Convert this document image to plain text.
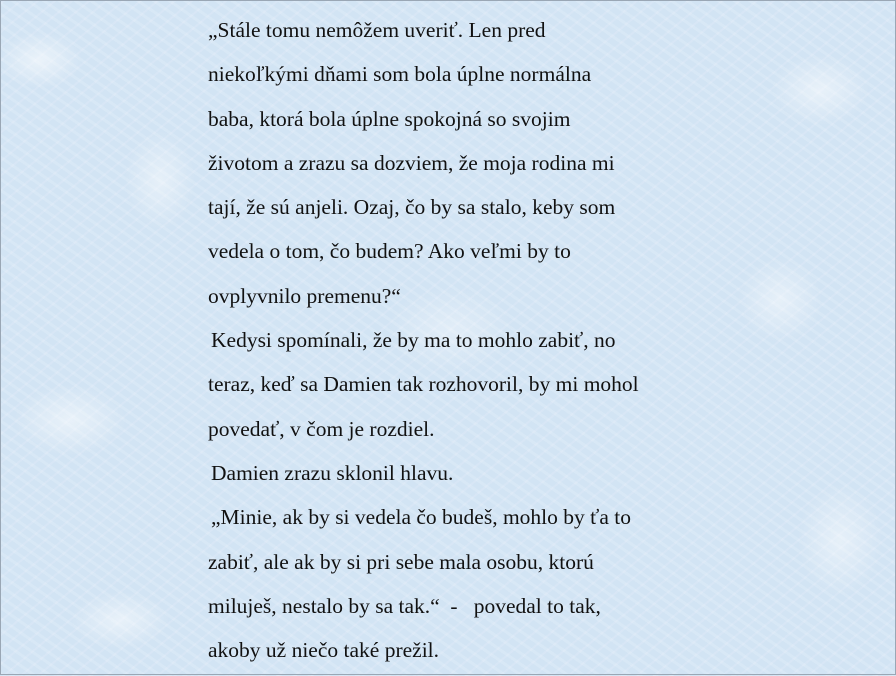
„Stále tomu nemôžem uveriť. Len pred
niekoľkými dňami som bola úplne normálna
baba, ktorá bola úplne spokojná so svojim
životom a zrazu sa dozviem, že moja rodina mi
tají, že sú anjeli. Ozaj, čo by sa stalo, keby som
vedela o tom, čo budem? Ako veľmi by to
ovplyvnilo premenu?“
Kedysi spomínali, že by ma to mohlo zabiť, no
teraz, keď sa Damien tak rozhovoril, by mi mohol
povedať, v čom je rozdiel.
Damien zrazu sklonil hlavu.
„Minie, ak by si vedela čo budeš, mohlo by ťa to
zabiť, ale ak by si pri sebe mala osobu, ktorú
miluješ, nestalo by sa tak.“  -   povedal to tak,
akoby už niečo také prežil.
